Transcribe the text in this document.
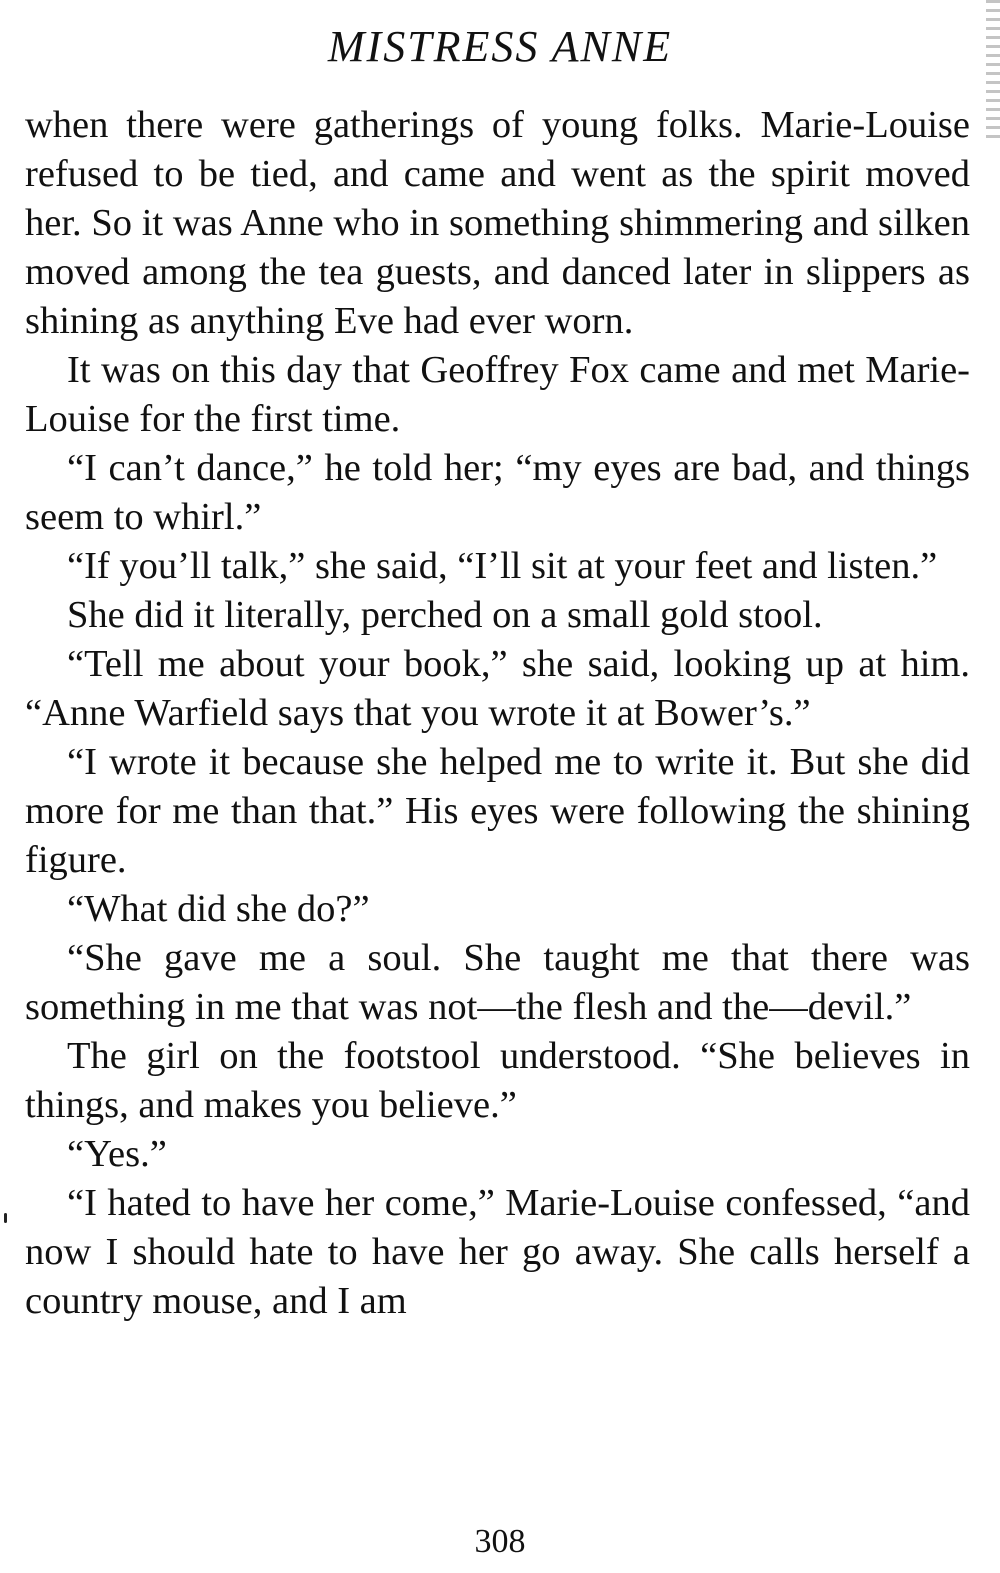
MISTRESS ANNE

when there were gatherings of young folks. Marie-Louise refused to be tied, and came and went as the spirit moved her. So it was Anne who in something shimmering and silken moved among the tea guests, and danced later in slippers as shining as anything Eve had ever worn.

It was on this day that Geoffrey Fox came and met Marie-Louise for the first time.

“I can’t dance,” he told her; “my eyes are bad, and things seem to whirl.”

“If you’ll talk,” she said, “I’ll sit at your feet and listen.”

She did it literally, perched on a small gold stool.

“Tell me about your book,” she said, looking up at him. “Anne Warfield says that you wrote it at Bower’s.”

“I wrote it because she helped me to write it. But she did more for me than that.” His eyes were following the shining figure.

“What did she do?”

“She gave me a soul. She taught me that there was something in me that was not—the flesh and the—devil.”

The girl on the footstool understood. “She believes in things, and makes you believe.”

“Yes.”

“I hated to have her come,” Marie-Louise confessed, “and now I should hate to have her go away. She calls herself a country mouse, and I am

308
